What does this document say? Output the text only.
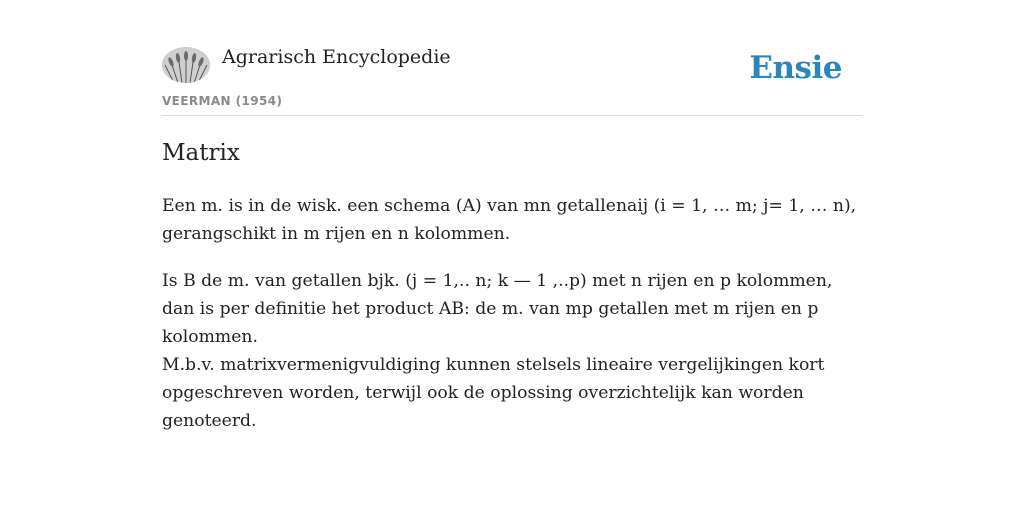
Agrarisch Encyclopedie
VEERMAN (1954)
Ensie
Matrix

Een m. is in de wisk. een schema (A) van mn getallenaij (i = 1, … m; j= 1, … n), gerangschikt in m rijen en n kolommen.

Is B de m. van getallen bjk. (j = 1,.. n; k — 1 ,..p) met n rijen en p kolommen, dan is per definitie het product AB: de m. van mp getallen met m rijen en p kolommen.

M.b.v. matrixvermenigvuldiging kunnen stelsels lineaire vergelijkingen kort opgeschreven worden, terwijl ook de oplossing overzichtelijk kan worden genoteerd.
